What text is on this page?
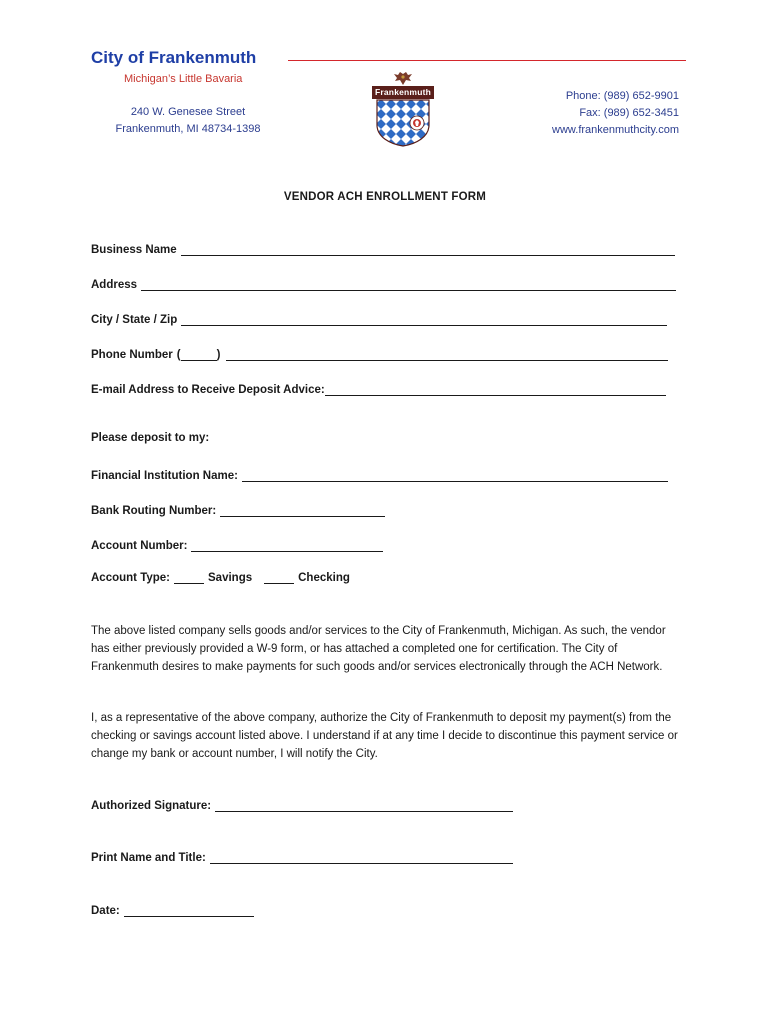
City of Frankenmuth
Michigan’s Little Bavaria
240 W. Genesee Street
Frankenmuth, MI 48734-1398
Frankenmuth	Phone: (989) 652-9901
Fax: (989) 652-3451
www.frankenmuthcity.com
VENDOR ACH ENROLLMENT FORM
Business Name
Address
City / State / Zip
Phone Number (	)
E-mail Address to Receive Deposit Advice:
Please deposit to my:
Financial Institution Name:
Bank Routing Number:
Account Number:
Account Type:	Savings	Checking
The above listed company sells goods and/or services to the City of Frankenmuth, Michigan. As such, the vendor has either previously provided a W-9 form, or has attached a completed one for certification. The City of Frankenmuth desires to make payments for such goods and/or services electronically through the ACH Network.
I, as a representative of the above company, authorize the City of Frankenmuth to deposit my payment(s) from the checking or savings account listed above. I understand if at any time I decide to discontinue this payment service or change my bank or account number, I will notify the City.
Authorized Signature:
Print Name and Title:
Date:
